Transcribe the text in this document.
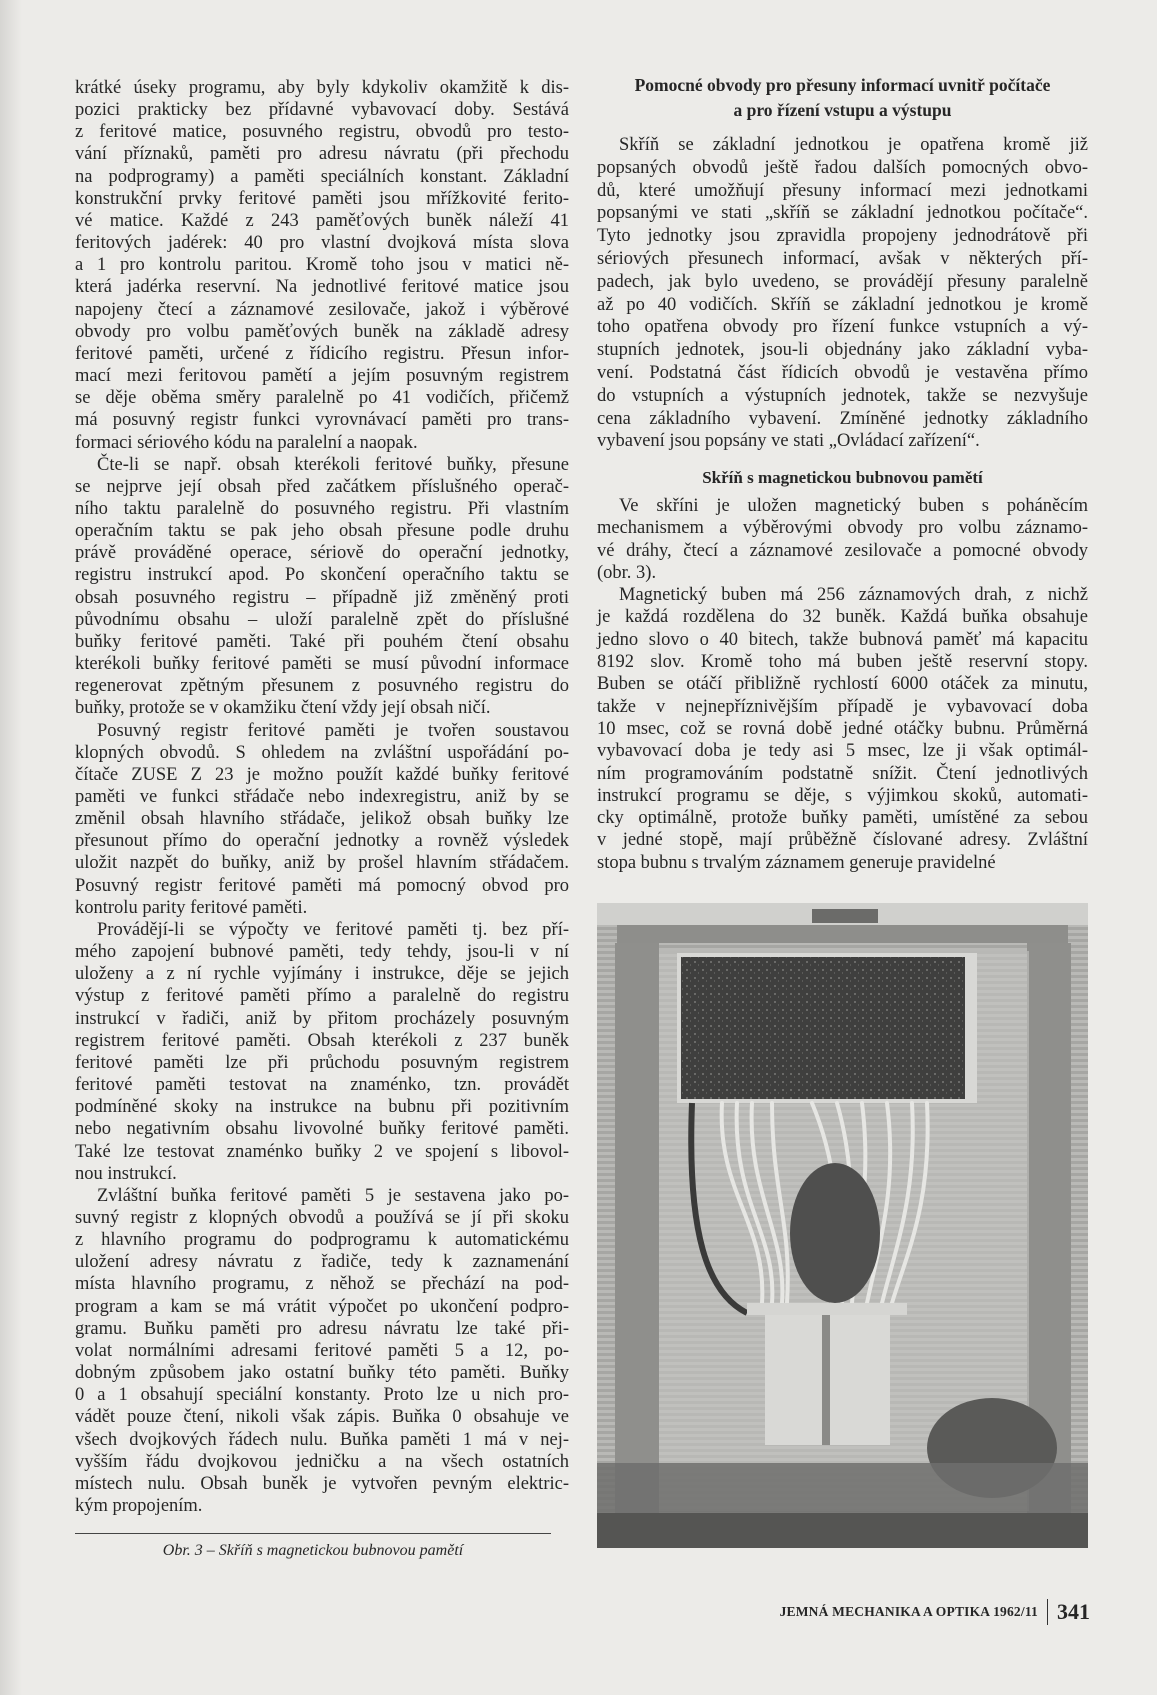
krátké úseky programu, aby byly kdykoliv okamžitě k dis-
pozici prakticky bez přídavné vybavovací doby. Sestává
z feritové matice, posuvného registru, obvodů pro testo-
vání příznaků, paměti pro adresu návratu (při přechodu
na podprogramy) a paměti speciálních konstant. Základní
konstrukční prvky feritové paměti jsou mřížkovité ferito-
vé matice. Každé z 243 paměťových buněk náleží 41
feritových jadérek: 40 pro vlastní dvojková místa slova
a 1 pro kontrolu paritou. Kromě toho jsou v matici ně-
která jadérka reservní. Na jednotlivé feritové matice jsou
napojeny čtecí a záznamové zesilovače, jakož i výběrové
obvody pro volbu paměťových buněk na základě adresy
feritové paměti, určené z řídicího registru. Přesun infor-
mací mezi feritovou pamětí a jejím posuvným registrem
se děje oběma směry paralelně po 41 vodičích, přičemž
má posuvný registr funkci vyrovnávací paměti pro trans-
formaci sériového kódu na paralelní a naopak.
Čte-li se např. obsah kterékoli feritové buňky, přesune
se nejprve její obsah před začátkem příslušného operač-
ního taktu paralelně do posuvného registru. Při vlastním
operačním taktu se pak jeho obsah přesune podle druhu
právě prováděné operace, sériově do operační jednotky,
registru instrukcí apod. Po skončení operačního taktu se
obsah posuvného registru – případně již změněný proti
původnímu obsahu – uloží paralelně zpět do příslušné
buňky feritové paměti. Také při pouhém čtení obsahu
kterékoli buňky feritové paměti se musí původní informace
regenerovat zpětným přesunem z posuvného registru do
buňky, protože se v okamžiku čtení vždy její obsah ničí.
Posuvný registr feritové paměti je tvořen soustavou
klopných obvodů. S ohledem na zvláštní uspořádání po-
čítače ZUSE Z 23 je možno použít každé buňky feritové
paměti ve funkci střádače nebo indexregistru, aniž by se
změnil obsah hlavního střádače, jelikož obsah buňky lze
přesunout přímo do operační jednotky a rovněž výsledek
uložit nazpět do buňky, aniž by prošel hlavním střádačem.
Posuvný registr feritové paměti má pomocný obvod pro
kontrolu parity feritové paměti.
Provádějí-li se výpočty ve feritové paměti tj. bez pří-
mého zapojení bubnové paměti, tedy tehdy, jsou-li v ní
uloženy a z ní rychle vyjímány i instrukce, děje se jejich
výstup z feritové paměti přímo a paralelně do registru
instrukcí v řadiči, aniž by přitom procházely posuvným
registrem feritové paměti. Obsah kterékoli z 237 buněk
feritové paměti lze při průchodu posuvným registrem
feritové paměti testovat na znaménko, tzn. provádět
podmíněné skoky na instrukce na bubnu při pozitivním
nebo negativním obsahu livovolné buňky feritové paměti.
Také lze testovat znaménko buňky 2 ve spojení s libovol-
nou instrukcí.
Zvláštní buňka feritové paměti 5 je sestavena jako po-
suvný registr z klopných obvodů a používá se jí při skoku
z hlavního programu do podprogramu k automatickému
uložení adresy návratu z řadiče, tedy k zaznamenání
místa hlavního programu, z něhož se přechází na pod-
program a kam se má vrátit výpočet po ukončení podpro-
gramu. Buňku paměti pro adresu návratu lze také při-
volat normálními adresami feritové paměti 5 a 12, po-
dobným způsobem jako ostatní buňky této paměti. Buňky
0 a 1 obsahují speciální konstanty. Proto lze u nich pro-
vádět pouze čtení, nikoli však zápis. Buňka 0 obsahuje ve
všech dvojkových řádech nulu. Buňka paměti 1 má v nej-
vyšším řádu dvojkovou jedničku a na všech ostatních
místech nulu. Obsah buněk je vytvořen pevným elektric-
kým propojením.
Pomocné obvody pro přesuny informací uvnitř počítače
a pro řízení vstupu a výstupu
Skříň se základní jednotkou je opatřena kromě již
popsaných obvodů ještě řadou dalších pomocných obvo-
dů, které umožňují přesuny informací mezi jednotkami
popsanými ve stati „skříň se základní jednotkou počítače“.
Tyto jednotky jsou zpravidla propojeny jednodrátově při
sériových přesunech informací, avšak v některých pří-
padech, jak bylo uvedeno, se provádějí přesuny paralelně
až po 40 vodičích. Skříň se základní jednotkou je kromě
toho opatřena obvody pro řízení funkce vstupních a vý-
stupních jednotek, jsou-li objednány jako základní vyba-
vení. Podstatná část řídicích obvodů je vestavěna přímo
do vstupních a výstupních jednotek, takže se nezvyšuje
cena základního vybavení. Zmíněné jednotky základního
vybavení jsou popsány ve stati „Ovládací zařízení“.
Skříň s magnetickou bubnovou pamětí
Ve skříni je uložen magnetický buben s poháněcím
mechanismem a výběrovými obvody pro volbu záznamo-
vé dráhy, čtecí a záznamové zesilovače a pomocné obvody
(obr. 3).
Magnetický buben má 256 záznamových drah, z nichž
je každá rozdělena do 32 buněk. Každá buňka obsahuje
jedno slovo o 40 bitech, takže bubnová paměť má kapacitu
8192 slov. Kromě toho má buben ještě reservní stopy.
Buben se otáčí přibližně rychlostí 6000 otáček za minutu,
takže v nejnepříznivějším případě je vybavovací doba
10 msec, což se rovná době jedné otáčky bubnu. Průměrná
vybavovací doba je tedy asi 5 msec, lze ji však optimál-
ním programováním podstatně snížit. Čtení jednotlivých
instrukcí programu se děje, s výjimkou skoků, automati-
cky optimálně, protože buňky paměti, umístěné za sebou
v jedné stopě, mají průběžně číslované adresy. Zvláštní
stopa bubnu s trvalým záznamem generuje pravidelné
Obr. 3 – Skříň s magnetickou bubnovou pamětí
JEMNÁ MECHANIKA A OPTIKA 1962/11 341
